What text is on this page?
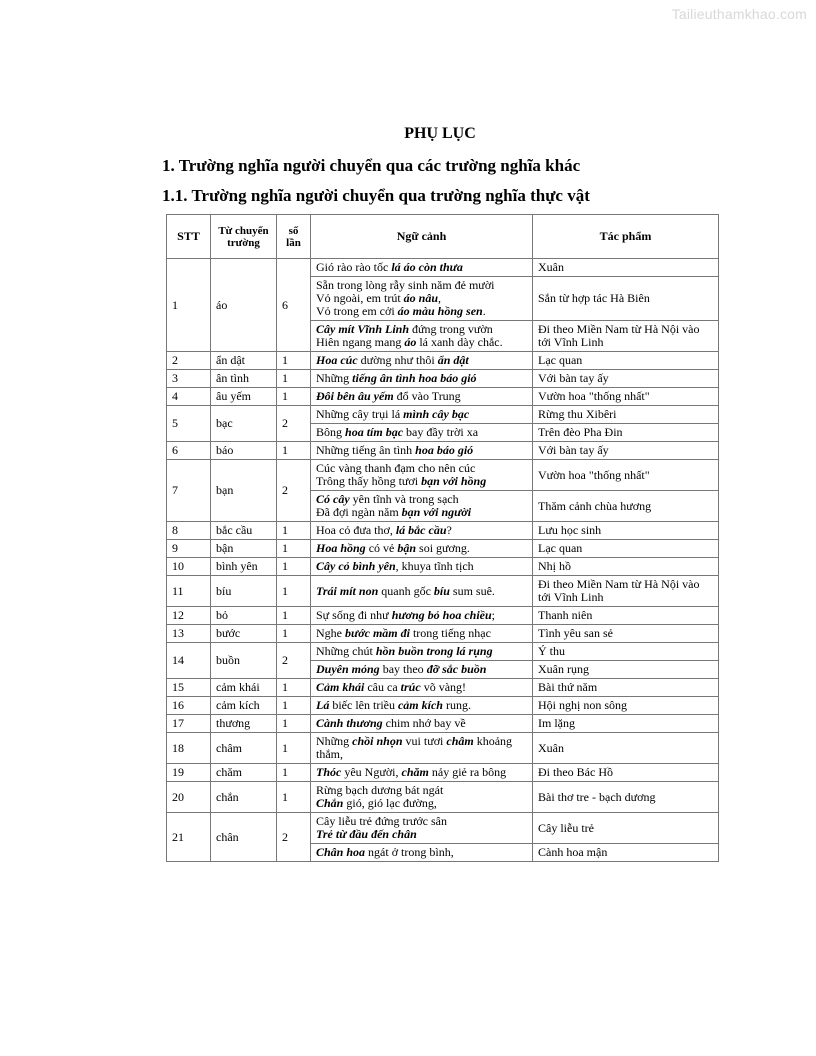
Tailieuthamkhao.com
PHỤ LỤC
1. Trường nghĩa người chuyển qua các trường nghĩa khác
1.1. Trường nghĩa người chuyển qua trường nghĩa thực vật
STT	Từ chuyển trường	số lần	Ngữ cảnh	Tác phẩm
1	áo	6	Gió rào rào tốc lá áo còn thưa	Xuân

			Sẵn trong lòng rẫy sinh năm đẻ mười
Vỏ ngoài, em trút áo nâu,
Vỏ trong em cởi áo màu hồng sen.	Sắn từ hợp tác Hà Biên

			Cây mít Vĩnh Linh đứng trong vườn
Hiên ngang mang áo lá xanh dày chắc.	Đi theo Miền Nam từ Hà Nội vào tới Vĩnh Linh
2	ẩn dật	1	Hoa cúc dường như thôi ẩn dật	Lạc quan
3	ân tình	1	Những tiếng ân tình hoa báo gió	Với bàn tay ấy
4	âu yếm	1	Đôi bên âu yếm đổ vào Trung	Vườn hoa "thống nhất"
5	bạc	2	Những cây trụi lá mình cây bạc	Rừng thu Xibêri

			Bông hoa tím bạc bay đầy trời xa	Trên đèo Pha Đin
6	báo	1	Những tiếng ân tình hoa báo gió	Với bàn tay ấy
7	bạn	2	Cúc vàng thanh đạm cho nên cúc
Trông thấy hồng tươi bạn với hồng	Vườn hoa "thống nhất"

			Có cây yên tĩnh và trong sạch
Đã đợi ngàn năm bạn với người	Thăm cảnh chùa hương
8	bắc cầu	1	Hoa cỏ đưa thơ, lá bắc cầu?	Lưu học sinh
9	bận	1	Hoa hồng có vẻ bận soi gương.	Lạc quan
10	bình yên	1	Cây cỏ bình yên, khuya tĩnh tịch	Nhị hồ
11	bíu	1	Trái mít non quanh gốc bíu sum suê.	Đi theo Miền Nam từ Hà Nội vào tới Vĩnh Linh
12	bỏ	1	Sự sống đi như hương bỏ hoa chiều;	Thanh niên
13	bước	1	Nghe bước mầm đi trong tiếng nhạc	Tình yêu san sẻ
14	buồn	2	Những chút hồn buồn trong lá rụng	Ý thu

			Duyên mỏng bay theo đỡ sắc buồn	Xuân rụng
15	cảm khái	1	Cảm khái câu ca trúc võ vàng!	Bài thứ năm
16	cảm kích	1	Lá biếc lên triều cảm kích rung.	Hội nghị non sông
17	thương	1	Cành thương chim nhớ bay về	Im lặng
18	châm	1	Những chồi nhọn vui tươi châm khoảng
thắm,	Xuân
19	chăm	1	Thóc yêu Người, chăm nảy giẻ ra bông	Đi theo Bác Hồ
20	chắn	1	Rừng bạch dương bát ngát
Chắn gió, gió lạc đường,	Bài thơ tre - bạch dương
21	chân	2	Cây liễu trẻ đứng trước sân
Trẻ từ đầu đến chân	Cây liễu trẻ

			Chân hoa ngát ở trong bình,	Cành hoa mận
